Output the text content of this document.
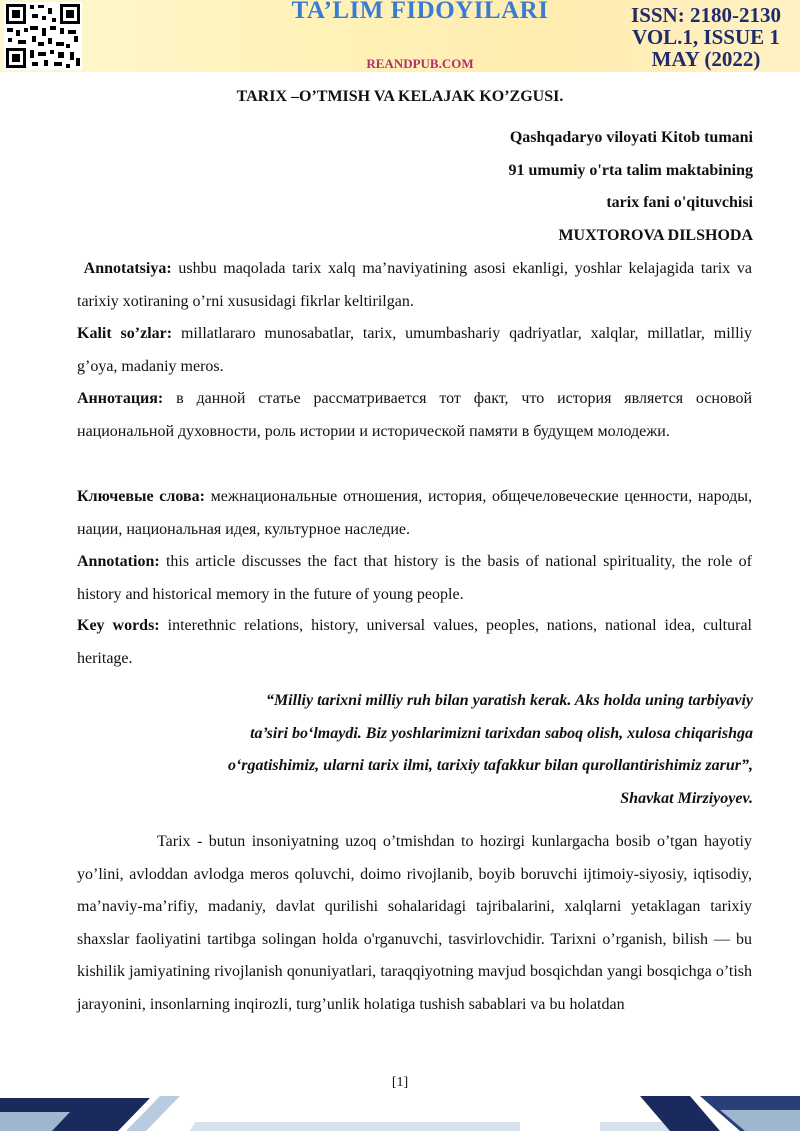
TA’LIM FIDOYILARI
REANDPUB.COM
ISSN: 2180-2130
VOL.1, ISSUE 1
MAY (2022)
TARIX –O’TMISH VA KELAJAK KO’ZGUSI.
Qashqadaryo viloyati Kitob tumani
91 umumiy o'rta talim maktabining
tarix fani o'qituvchisi
MUXTOROVA DILSHODA
Annotatsiya: ushbu maqolada tarix xalq ma’naviyatining asosi ekanligi, yoshlar kelajagida tarix va tarixiy xotiraning o’rni xususidagi fikrlar keltirilgan.
Kalit so’zlar: millatlararo munosabatlar, tarix, umumbashariy qadriyatlar, xalqlar, millatlar, milliy g’oya, madaniy meros.
Аннотация: в данной статье рассматривается тот факт, что история является основой национальной духовности, роль истории и исторической памяти в будущем молодежи.
Ключевые слова: межнациональные отношения, история, общечеловеческие ценности, народы, нации, национальная идея, культурное наследие.
Annotation: this article discusses the fact that history is the basis of national spirituality, the role of history and historical memory in the future of young people.
Key words: interethnic relations, history, universal values, peoples, nations, national idea, cultural heritage.
“Milliy tarixni milliy ruh bilan yaratish kerak. Aks holda uning tarbiyaviy
ta’siri bo‘lmaydi. Biz yoshlarimizni tarixdan saboq olish, xulosa chiqarishga
o‘rgatishimiz, ularni tarix ilmi, tarixiy tafakkur bilan qurollantirishimiz zarur”,
Shavkat Mirziyoyev.
Tarix - butun insoniyatning uzoq o’tmishdan to hozirgi kunlargacha bosib o’tgan hayotiy yo’lini, avloddan avlodga meros qoluvchi, doimo rivojlanib, boyib boruvchi ijtimoiy-siyosiy, iqtisodiy, ma’naviy-ma’rifiy, madaniy, davlat qurilishi sohalaridagi tajribalarini, xalqlarni yetaklagan tarixiy shaxslar faoliyatini tartibga solingan holda o'rganuvchi, tasvirlovchidir. Tarixni o’rganish, bilish — bu kishilik jamiyatining rivojlanish qonuniyatlari, taraqqiyotning mavjud bosqichdan yangi bosqichga o’tish jarayonini, insonlarning inqirozli, turg’unlik holatiga tushish sabablari va bu holatdan
[1]
